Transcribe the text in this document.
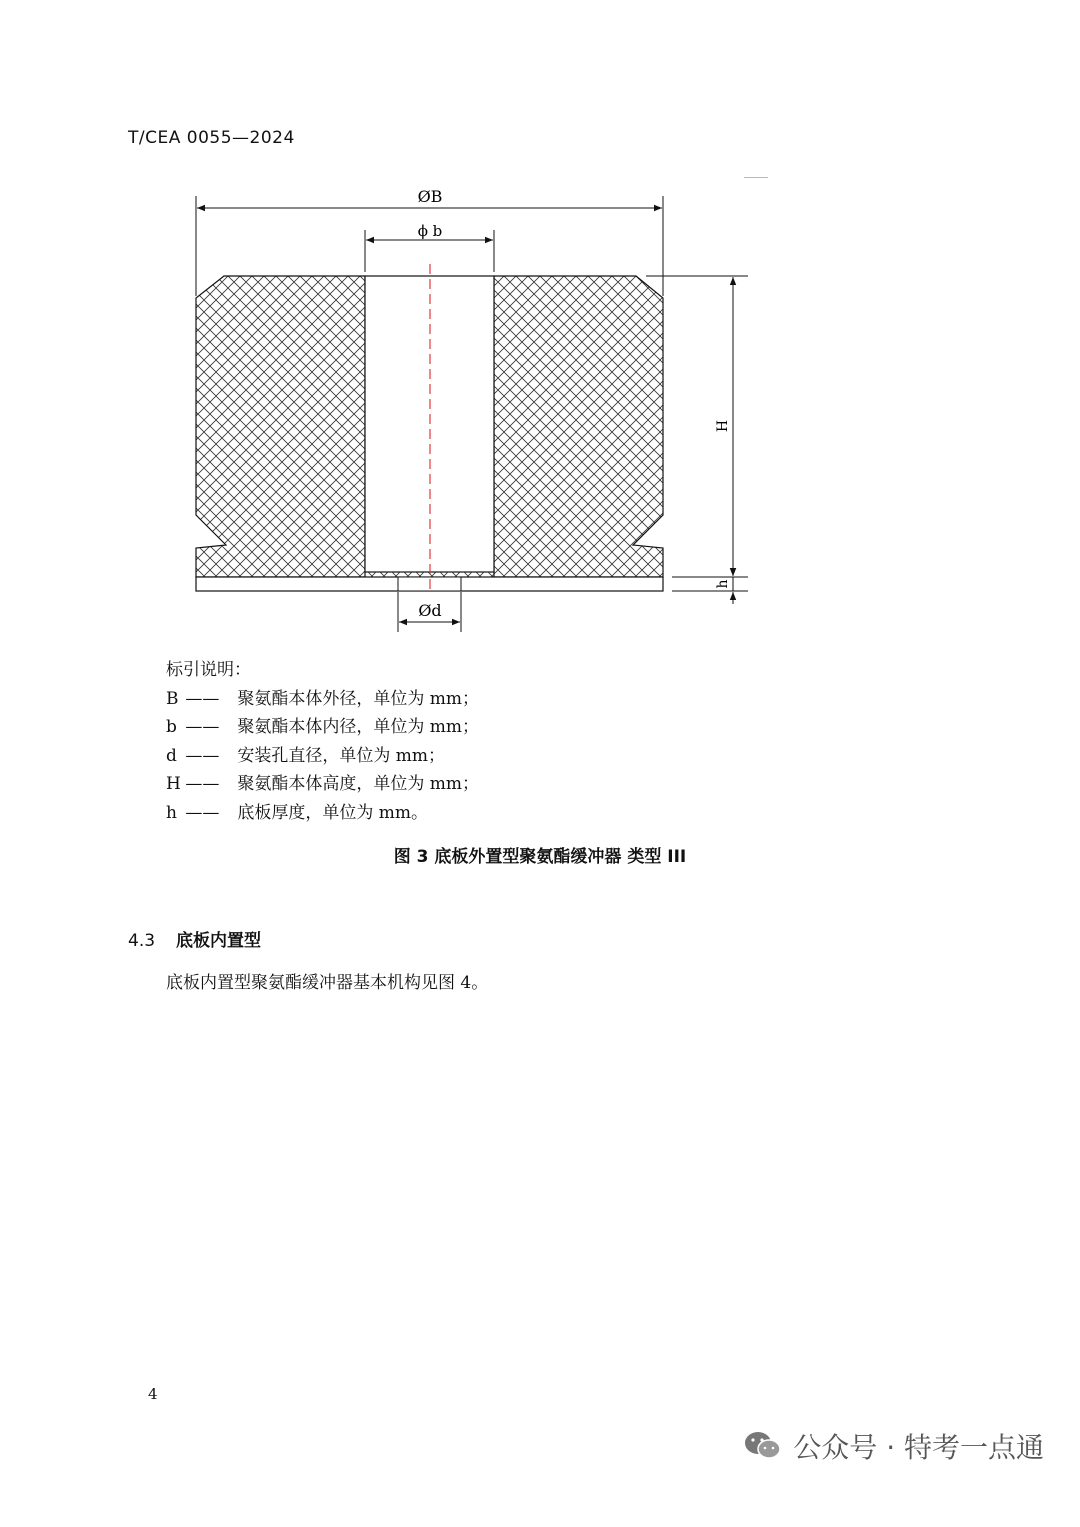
T/CEA 0055—2024
ØB
ϕ b
H
h
Ød
标引说明：
B —— 聚氨酯本体外径，单位为 mm；
b —— 聚氨酯本体内径，单位为 mm；
d —— 安装孔直径，单位为 mm；
H —— 聚氨酯本体高度，单位为 mm；
h —— 底板厚度，单位为 mm。
图 3 底板外置型聚氨酯缓冲器 类型 III
4.3 底板内置型
底板内置型聚氨酯缓冲器基本机构见图 4。
4
公众号 · 特考一点通
